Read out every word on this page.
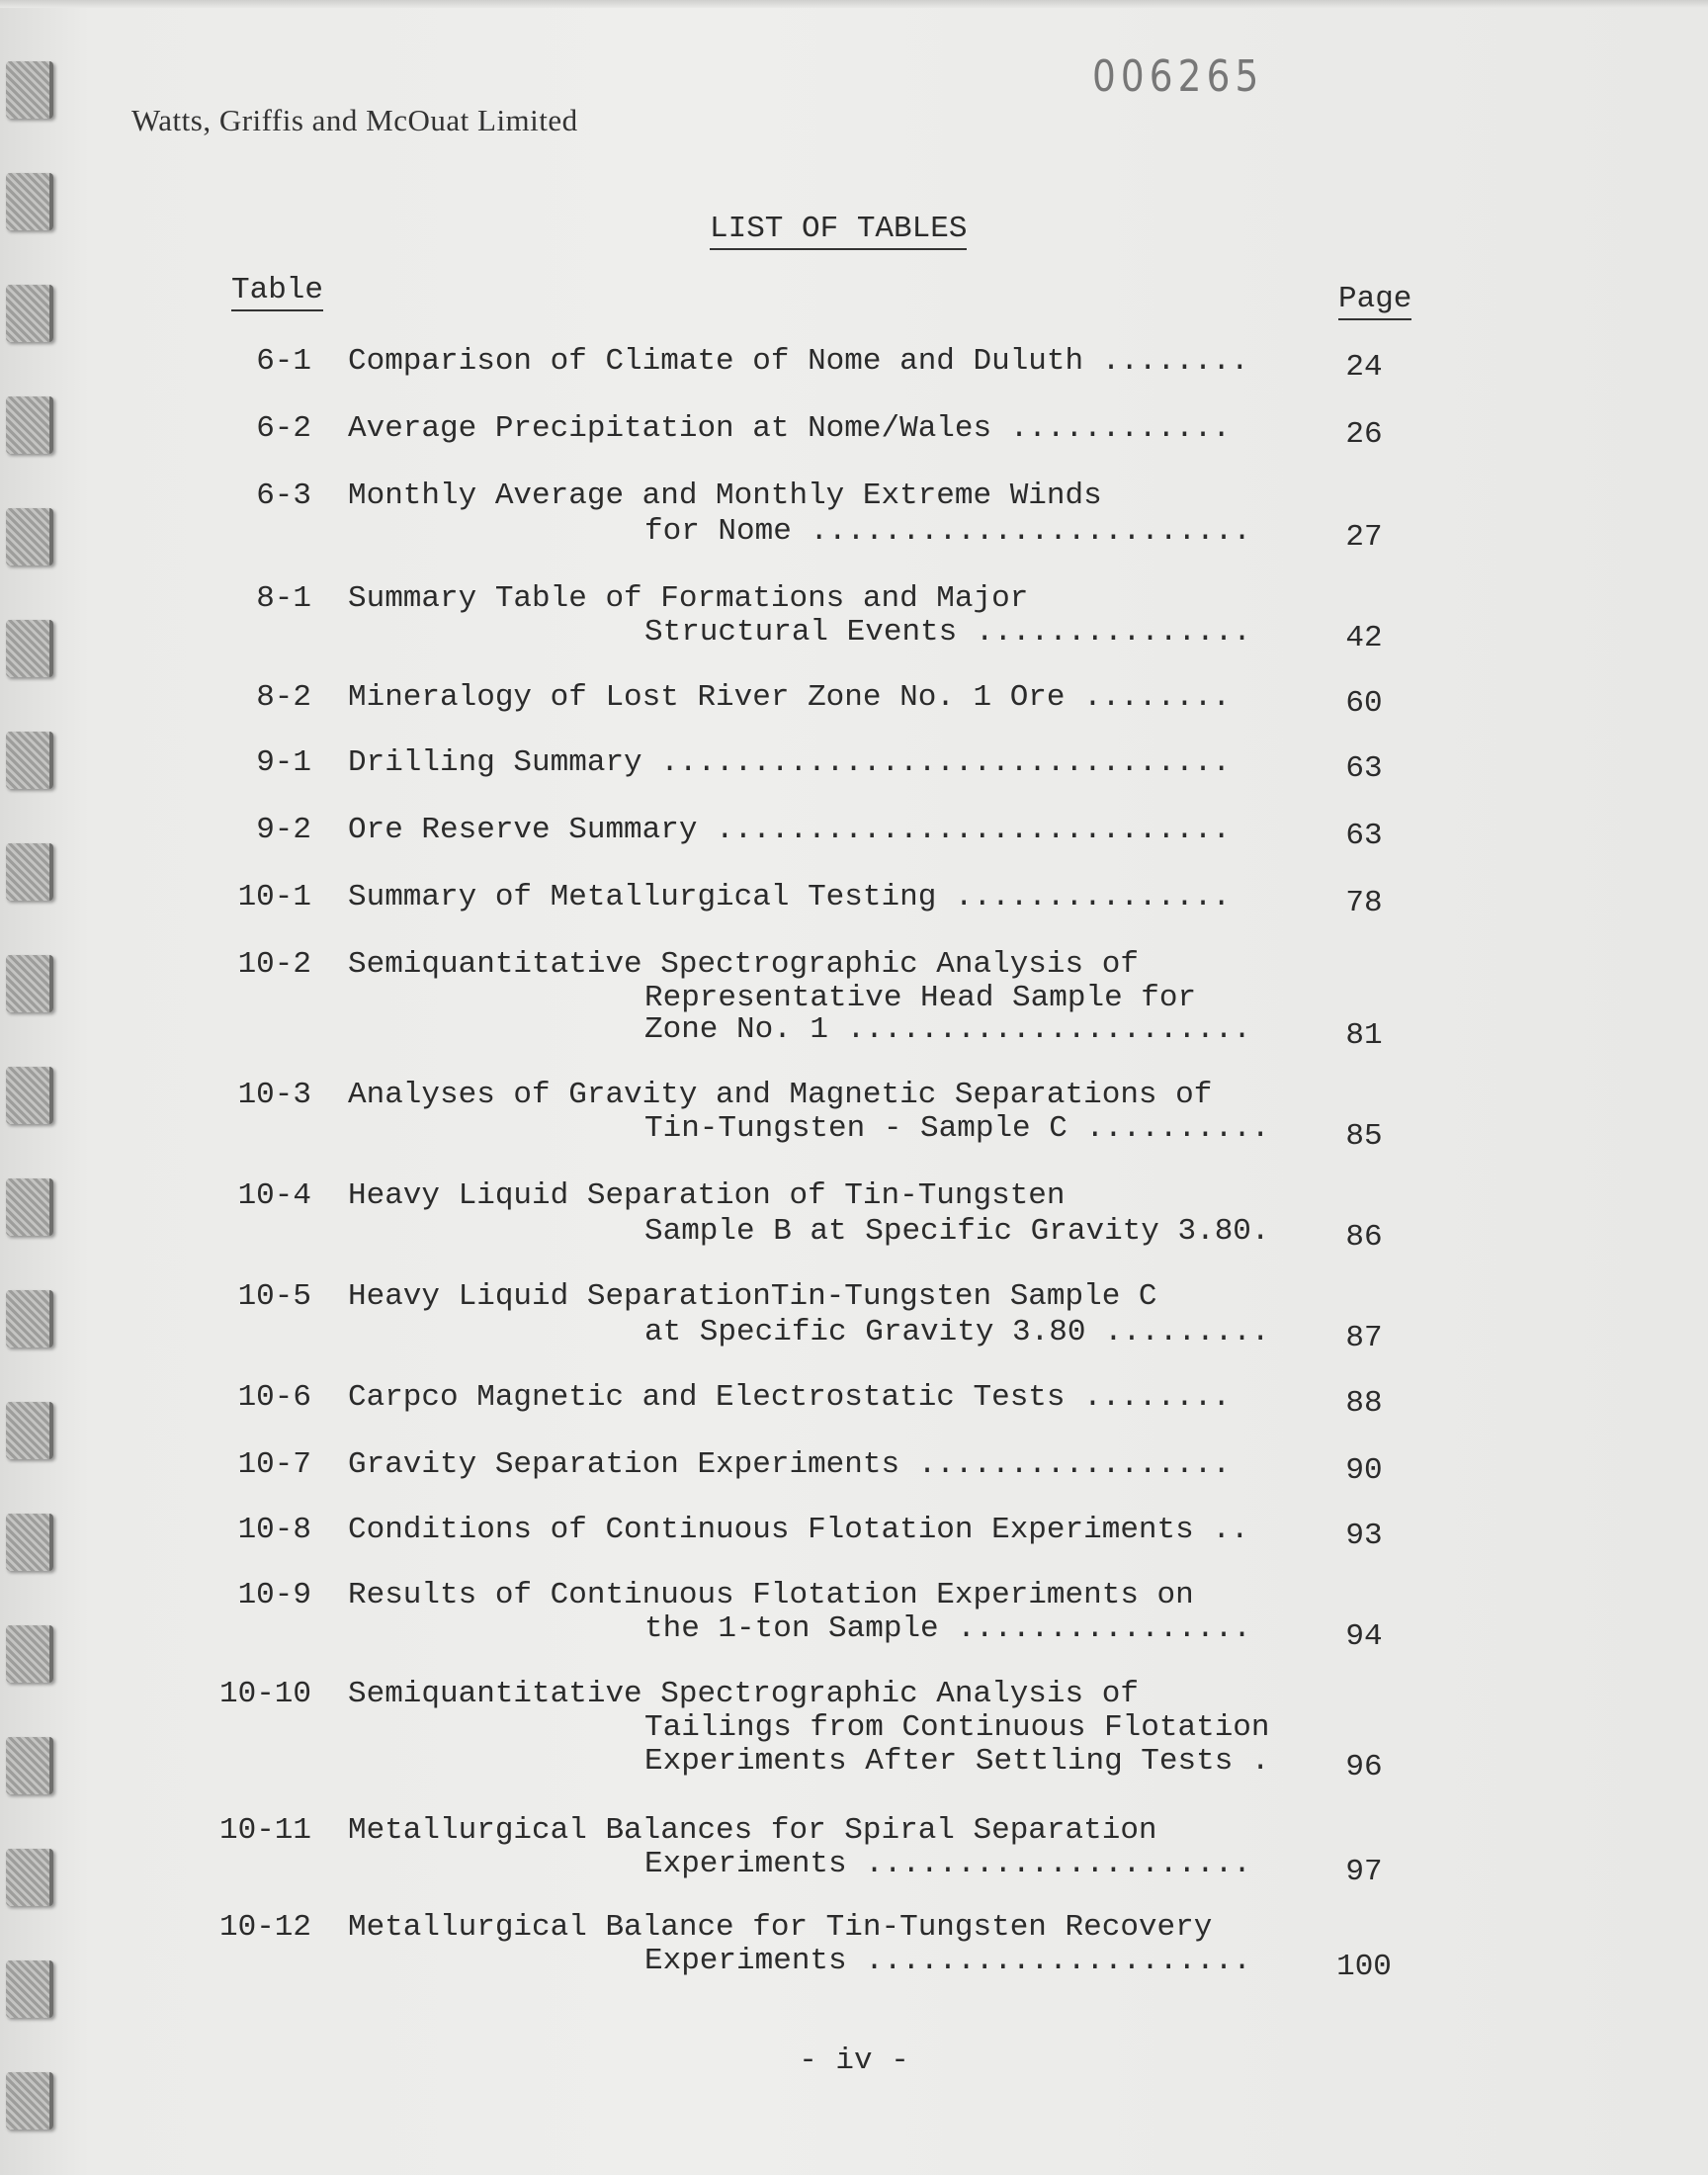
Watts, Griffis and McOuat Limited
006265
LIST OF TABLES
Table	Page
6-1 Comparison of Climate of Nome and Duluth ........	24
6-2 Average Precipitation at Nome/Wales ............	26
6-3 Monthly Average and Monthly Extreme Winds
for Nome ........................	27
8-1 Summary Table of Formations and Major
Structural Events ...............	42
8-2 Mineralogy of Lost River Zone No. 1 Ore ........	60
9-1 Drilling Summary ...............................	63
9-2 Ore Reserve Summary ............................	63
10-1 Summary of Metallurgical Testing ...............	78
10-2 Semiquantitative Spectrographic Analysis of
Representative Head Sample for
Zone No. 1 ......................	81
10-3 Analyses of Gravity and Magnetic Separations of
Tin-Tungsten - Sample C ..........	85
10-4 Heavy Liquid Separation of Tin-Tungsten
Sample B at Specific Gravity 3.80.	86
10-5 Heavy Liquid SeparationTin-Tungsten Sample C
at Specific Gravity 3.80 .........	87
10-6 Carpco Magnetic and Electrostatic Tests ........	88
10-7 Gravity Separation Experiments .................	90
10-8 Conditions of Continuous Flotation Experiments ..	93
10-9 Results of Continuous Flotation Experiments on
the 1-ton Sample ................	94
10-10 Semiquantitative Spectrographic Analysis of
Tailings from Continuous Flotation
Experiments After Settling Tests .	96
10-11 Metallurgical Balances for Spiral Separation
Experiments .....................	97
10-12 Metallurgical Balance for Tin-Tungsten Recovery
Experiments .....................	100
- iv -
